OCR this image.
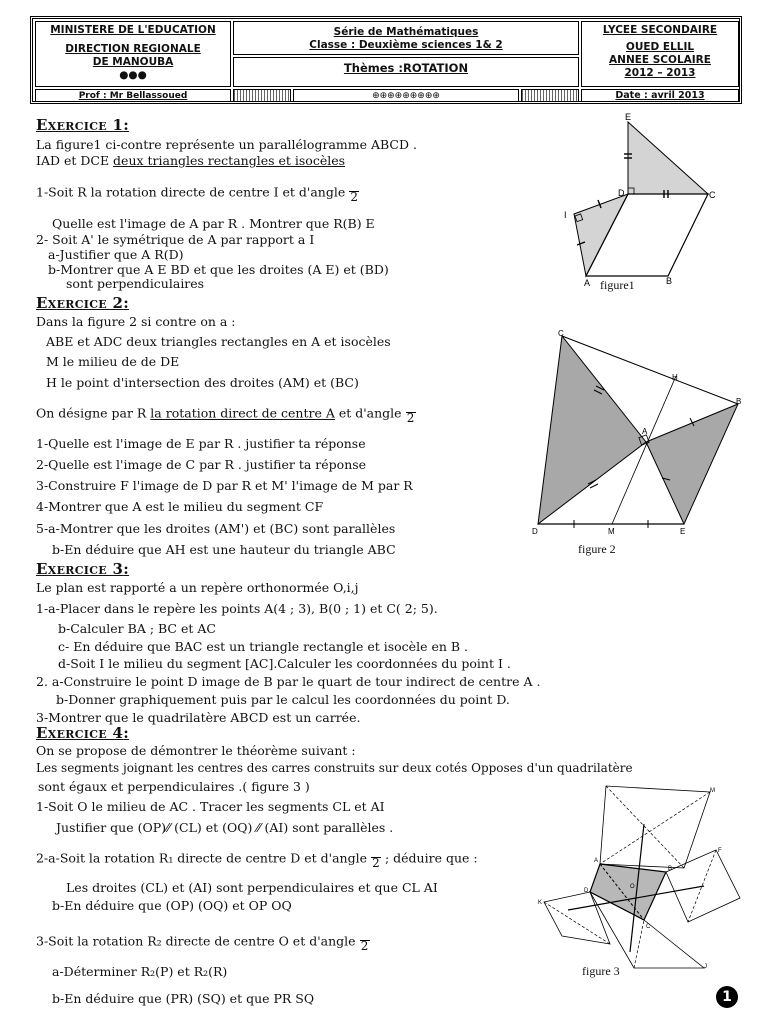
MINISTERE DE L'EDUCATION
DIRECTION REGIONALE
DE MANOUBA
●●●
Série de Mathématiques
Classe : Deuxième sciences 1& 2
Thèmes :ROTATION
LYCEE SECONDAIRE
OUED ELLIL
ANNEE SCOLAIRE
2012 – 2013
Prof : Mr Bellassoued	⊕⊕⊕⊕⊕⊕⊕⊕⊕	Date : avril 2013
Exercice 1:
La figure1 ci-contre représente un parallélogramme ABCD .
IAD et DCE deux triangles rectangles et isocèles
1-Soit R la rotation directe de centre I et d'angle 2
Quelle est l'image de A par R . Montrer que R(B) E
2- Soit A' le symétrique de A par rapport a I
a-Justifier que A R(D)
b-Montrer que A E BD et que les droites (A E) et (BD)
sont perpendiculaires
E
D	C
I
A	B
figure1
Exercice 2:
Dans la figure 2 si contre on a :
ABE et ADC deux triangles rectangles en A et isocèles
M le milieu de de DE
H le point d'intersection des droites (AM) et (BC)
On désigne par R la rotation direct de centre A et d'angle 2
1-Quelle est l'image de E par R . justifier ta réponse
2-Quelle est l'image de C par R . justifier ta réponse
3-Construire F l'image de D par R et M' l'image de M par R
4-Montrer que A est le milieu du segment CF
5-a-Montrer que les droites (AM') et (BC) sont parallèles
b-En déduire que AH est une hauteur du triangle ABC
C
D	E
M
B
H
A
figure 2
Exercice 3:
Le plan est rapporté a un repère orthonormée O,i,j
1-a-Placer dans le repère les points A(4 ; 3), B(0 ; 1) et C( 2; 5).
b-Calculer BA ; BC et AC
c- En déduire que BAC est un triangle rectangle et isocèle en B .
d-Soit I le milieu du segment [AC].Calculer les coordonnées du point I .
2. a-Construire le point D image de B par le quart de tour indirect de centre A .
b-Donner graphiquement puis par le calcul les coordonnées du point D.
3-Montrer que le quadrilatère ABCD est un carrée.
Exercice 4:
On se propose de démontrer le théorème suivant :
Les segments joignant les centres des carres construits sur deux cotés Opposes d'un quadrilatère
sont égaux et perpendiculaires .( figure 3 )
1-Soit O le milieu de AC . Tracer les segments CL et AI
Justifier que (OP)⁄⁄ (CL) et (OQ) ⁄⁄ (AI) sont parallèles .
2-a-Soit la rotation R₁ directe de centre D et d'angle 2 ; déduire que :
Les droites (CL) et (AI) sont perpendiculaires et que CL AI
b-En déduire que (OP) (OQ) et OP OQ
3-Soit la rotation R₂ directe de centre O et d'angle 2
a-Déterminer R₂(P) et R₂(R)
b-En déduire que (PR) (SQ) et que PR SQ
A
B
C
D
O
M
K
F
J
figure 3
1
